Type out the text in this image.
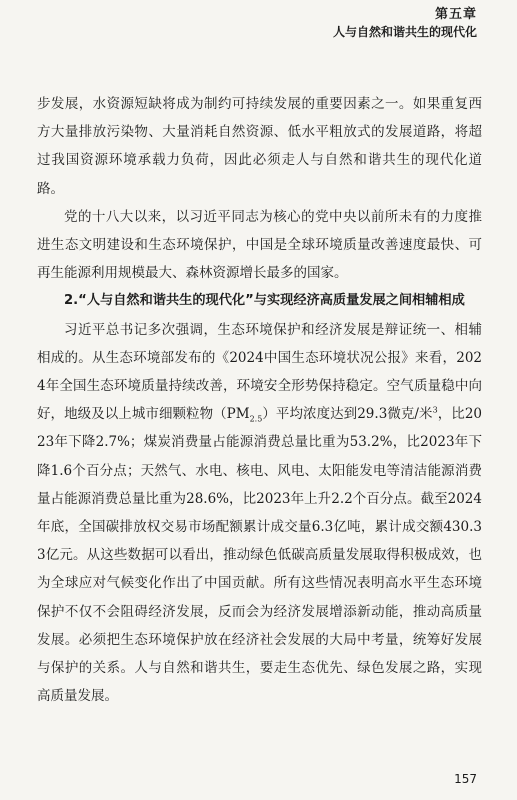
第五章
人与自然和谐共生的现代化

步发展，水资源短缺将成为制约可持续发展的重要因素之一。如果重复西方大量排放污染物、大量消耗自然资源、低水平粗放式的发展道路，将超过我国资源环境承载力负荷，因此必须走人与自然和谐共生的现代化道路。

党的十八大以来，以习近平同志为核心的党中央以前所未有的力度推进生态文明建设和生态环境保护，中国是全球环境质量改善速度最快、可再生能源利用规模最大、森林资源增长最多的国家。

2.“人与自然和谐共生的现代化”与实现经济高质量发展之间相辅相成

习近平总书记多次强调，生态环境保护和经济发展是辩证统一、相辅相成的。从生态环境部发布的《2024中国生态环境状况公报》来看，2024年全国生态环境质量持续改善，环境安全形势保持稳定。空气质量稳中向好，地级及以上城市细颗粒物$(PM_{2.5})$平均浓度达到29.3微克/米$^3$，比2023年下降2.7%；煤炭消费量占能源消费总量比重为53.2%，比2023年下降1.6个百分点；天然气、水电、核电、风电、太阳能发电等清洁能源消费量占能源消费总量比重为28.6%，比2023年上升2.2个百分点。截至2024年底，全国碳排放权交易市场配额累计成交量6.3亿吨，累计成交额430.33亿元。从这些数据可以看出，推动绿色低碳高质量发展取得积极成效，也为全球应对气候变化作出了中国贡献。所有这些情况表明高水平生态环境保护不仅不会阻碍经济发展，反而会为经济发展增添新动能，推动高质量发展。必须把生态环境保护放在经济社会发展的大局中考量，统筹好发展与保护的关系。人与自然和谐共生，要走生态优先、绿色发展之路，实现高质量发展。

157
